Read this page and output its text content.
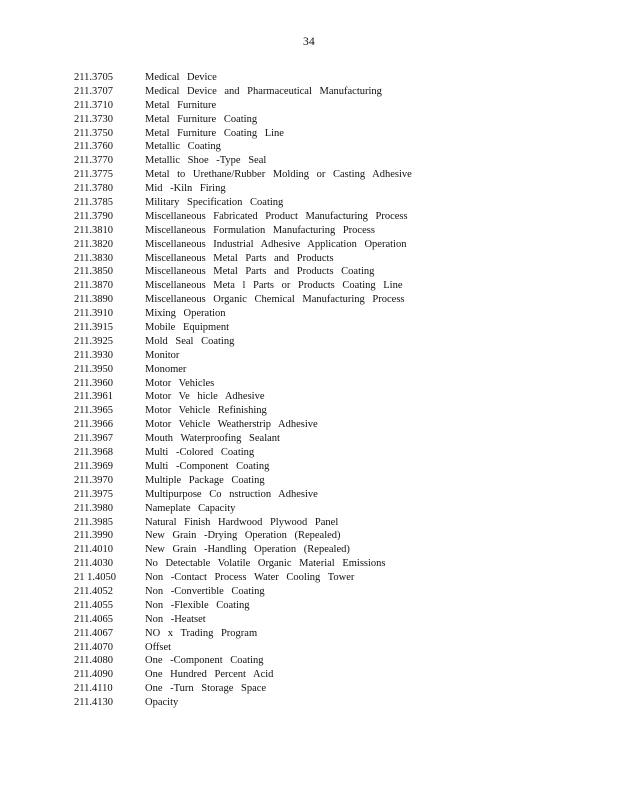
34
211.3705	Medical Device
211.3707	Medical Device and Pharmaceutical Manufacturing
211.3710	Metal Furniture
211.3730	Metal Furniture Coating
211.3750	Metal Furniture Coating Line
211.3760	Metallic Coating
211.3770	Metallic Shoe -Type Seal
211.3775	Metal to Urethane/Rubber Molding or Casting Adhesive
211.3780	Mid -Kiln Firing
211.3785	Military Specification Coating
211.3790	Miscellaneous Fabricated Product Manufacturing Process
211.3810	Miscellaneous Formulation Manufacturing Process
211.3820	Miscellaneous Industrial Adhesive Application Operation
211.3830	Miscellaneous Metal Parts and Products
211.3850	Miscellaneous Metal Parts and Products Coating
211.3870	Miscellaneous Meta l Parts or Products Coating Line
211.3890	Miscellaneous Organic Chemical Manufacturing Process
211.3910	Mixing Operation
211.3915	Mobile Equipment
211.3925	Mold Seal Coating
211.3930	Monitor
211.3950	Monomer
211.3960	Motor Vehicles
211.3961	Motor Ve hicle Adhesive
211.3965	Motor Vehicle Refinishing
211.3966	Motor Vehicle Weatherstrip Adhesive
211.3967	Mouth Waterproofing Sealant
211.3968	Multi -Colored Coating
211.3969	Multi -Component Coating
211.3970	Multiple Package Coating
211.3975	Multipurpose Co nstruction Adhesive
211.3980	Nameplate Capacity
211.3985	Natural Finish Hardwood Plywood Panel
211.3990	New Grain -Drying Operation (Repealed)
211.4010	New Grain -Handling Operation (Repealed)
211.4030	No Detectable Volatile Organic Material Emissions
21 1.4050	Non -Contact Process Water Cooling Tower
211.4052	Non -Convertible Coating
211.4055	Non -Flexible Coating
211.4065	Non -Heatset
211.4067	NO x Trading Program
211.4070	Offset
211.4080	One -Component Coating
211.4090	One Hundred Percent Acid
211.4110	One -Turn Storage Space
211.4130	Opacity
